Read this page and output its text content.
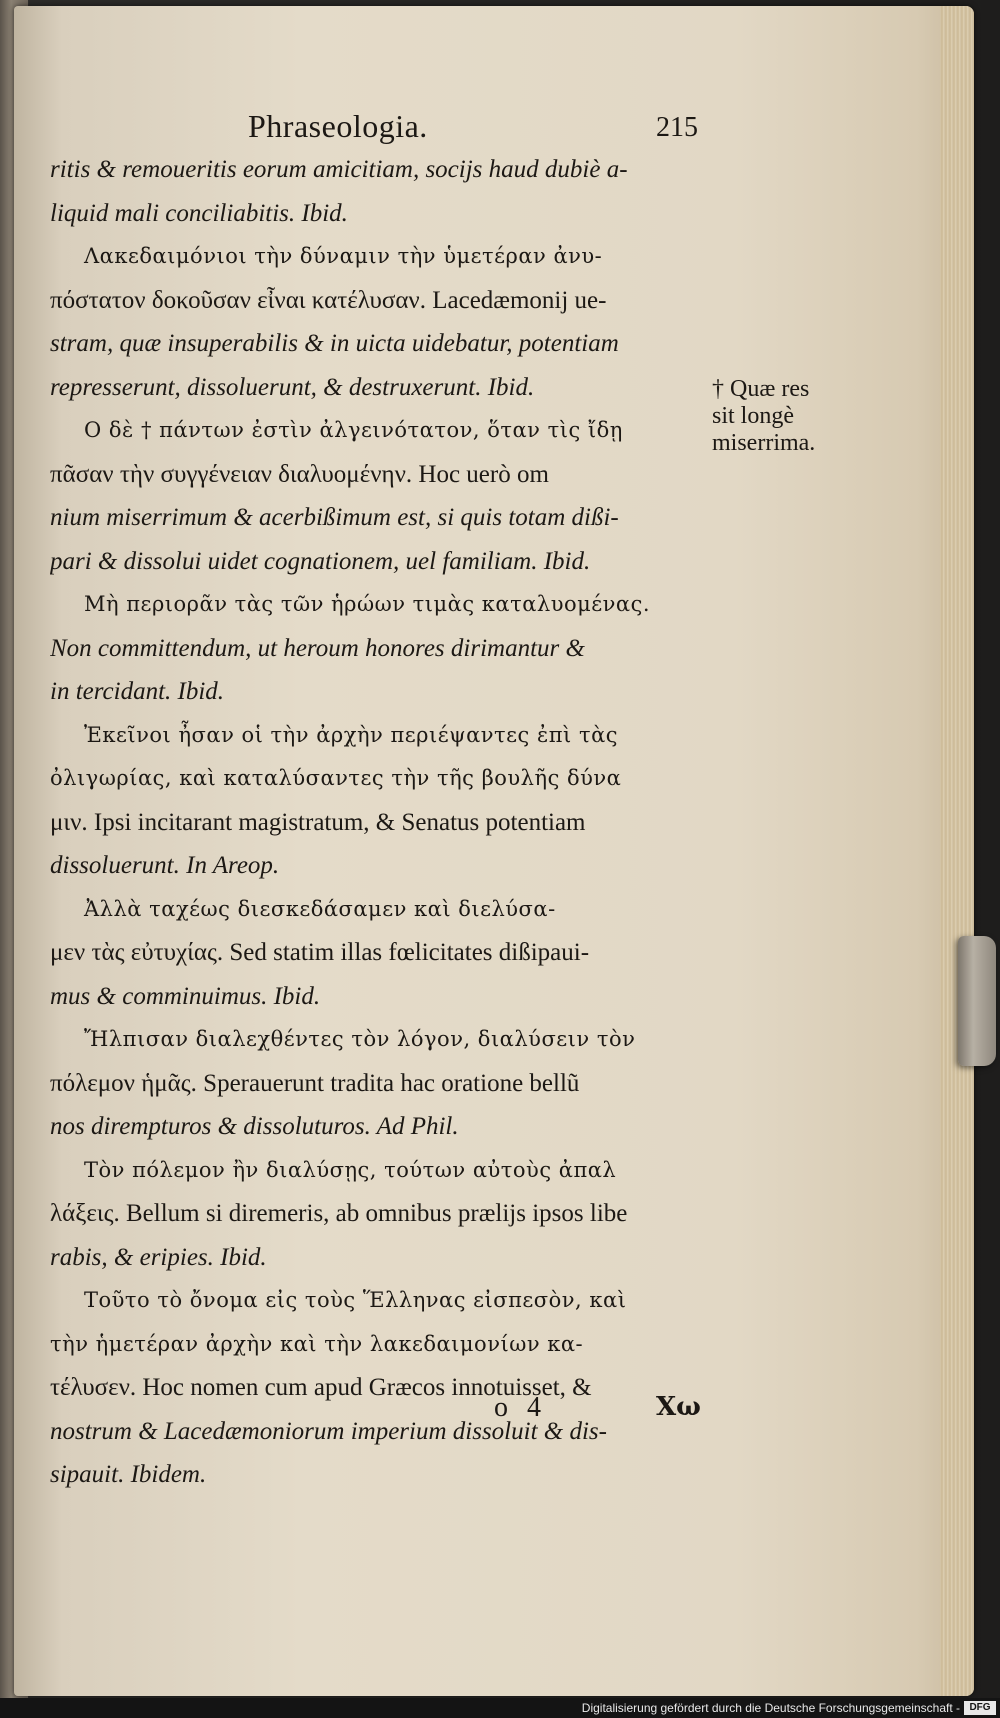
Phraseologia.	215
ritis & remoueritis eorum amicitiam, socijs haud dubiè a-
liquid mali conciliabitis. Ibid.
Λακεδαιμόνιοι τὴν δύναμιν τὴν ὑμετέραν ἀνυ-
πόστατον δοκοῦσαν εἶναι κατέλυσαν. Lacedæmonij ue-
stram, quæ insuperabilis & in uicta uidebatur, potentiam
represserunt, dissoluerunt, & destruxerunt. Ibid.
Ο δὲ † πάντων ἐστὶν ἀλγεινότατον, ὅταν τὶς ἴδῃ
πᾶσαν τὴν συγγένειαν διαλυομένην. Hoc uerò om
nium miserrimum & acerbißimum est, si quis totam dißi-
pari & dissolui uidet cognationem, uel familiam. Ibid.
Μὴ περιορᾶν τὰς τῶν ἡρώων τιμὰς καταλυομένας.
Non committendum, ut heroum honores dirimantur &
in tercidant. Ibid.
Ἐκεῖνοι ἦσαν οἱ τὴν ἀρχὴν περιέψαντες ἐπὶ τὰς
ὀλιγωρίας, καὶ καταλύσαντες τὴν τῆς βουλῆς δύνα
μιν. Ipsi incitarant magistratum, & Senatus potentiam
dissoluerunt. In Areop.
Ἀλλὰ ταχέως διεσκεδάσαμεν καὶ διελύσα-
μεν τὰς εὐτυχίας. Sed statim illas fœlicitates dißipaui-
mus & comminuimus. Ibid.
Ἤλπισαν διαλεχθέντες τὸν λόγον, διαλύσειν τὸν
πόλεμον ἡμᾶς. Sperauerunt tradita hac oratione bellũ
nos dirempturos & dissoluturos. Ad Phil.
Τὸν πόλεμον ἢν διαλύσῃς, τούτων αὐτοὺς ἀπαλ
λάξεις. Bellum si diremeris, ab omnibus prælijs ipsos libe
rabis, & eripies. Ibid.
Τοῦτο τὸ ὄνομα εἰς τοὺς Ἕλληνας εἰσπεσὸν, καὶ
τὴν ἡμετέραν ἀρχὴν καὶ τὴν λακεδαιμονίων κα-
τέλυσεν. Hoc nomen cum apud Græcos innotuisset, &
nostrum & Lacedæmoniorum imperium dissoluit & dis-
sipauit. Ibidem.
† Quæ res
sit longè
miserrima.
o 4	Χω
Digitalisierung gefördert durch die Deutsche Forschungsgemeinschaft - DFG
